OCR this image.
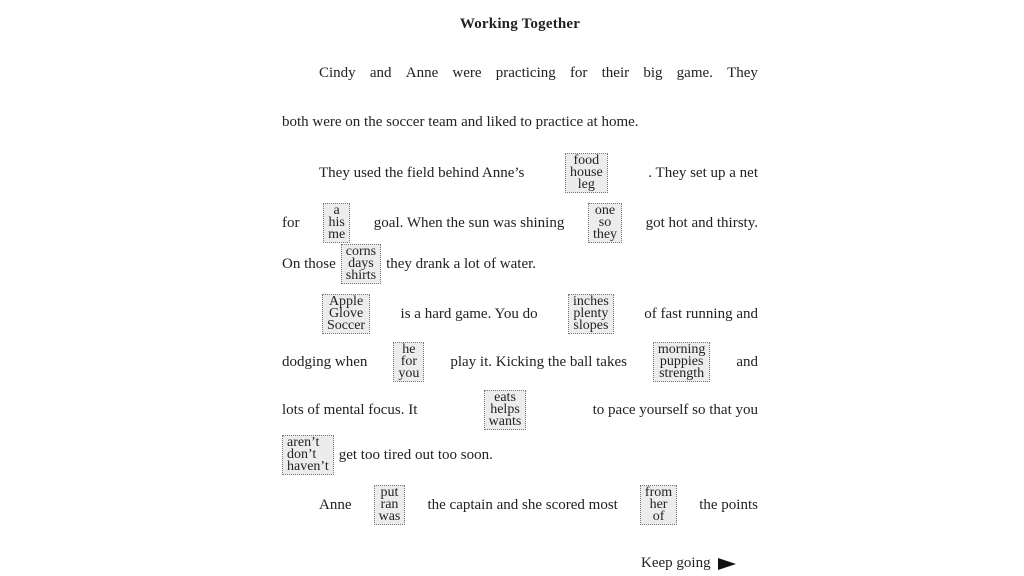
Working Together
Cindy and Anne were practicing for their big game. They
both were on the soccer team and liked to practice at home.
They used the field behind Anne’s
food
house
leg
. They set up a net
for
a
his
me
goal. When the sun was shining
one
so
they
got hot and thirsty.
On those
corns
days
shirts
they drank a lot of water.
Apple
Glove
Soccer
is a hard game. You do
inches
plenty
slopes
of fast running and
dodging when
he
for
you
play it. Kicking the ball takes
morning
puppies
strength
and
lots of mental focus. It
eats
helps
wants
to pace yourself so that you
aren’t
don’t
haven’t
get too tired out too soon.
Anne
put
ran
was
the captain and she scored most
from
her
of
the points
Keep going
